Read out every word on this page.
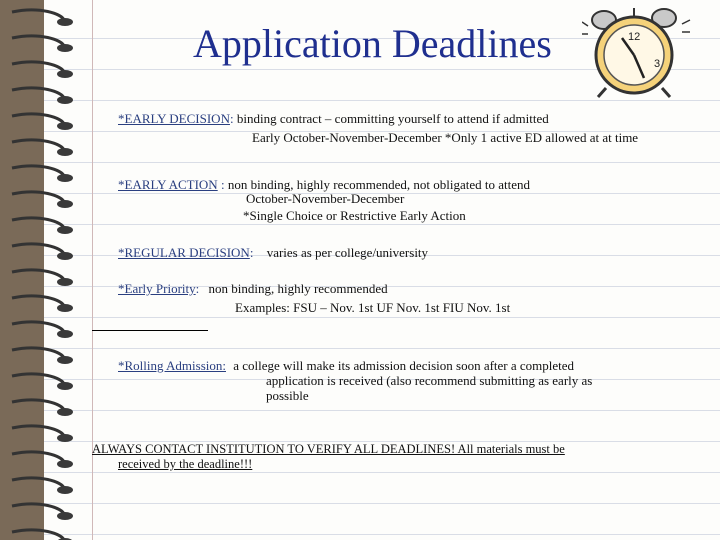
Application Deadlines	12
3
*EARLY DECISION: binding contract – committing yourself to attend if admitted
Early October-November-December *Only 1 active ED allowed at at time
*EARLY ACTION : non binding, highly recommended, not obligated to attend
October-November-December
*Single Choice or Restrictive Early Action
*REGULAR DECISION: varies as per college/university
*Early Priority: non binding, highly recommended
Examples: FSU – Nov. 1st UF Nov. 1st FIU Nov. 1st
*Rolling Admission: a college will make its admission decision soon after a completed
application is received (also recommend submitting as early as
possible
ALWAYS CONTACT INSTITUTION TO VERIFY ALL DEADLINES! All materials must be
received by the deadline!!!
